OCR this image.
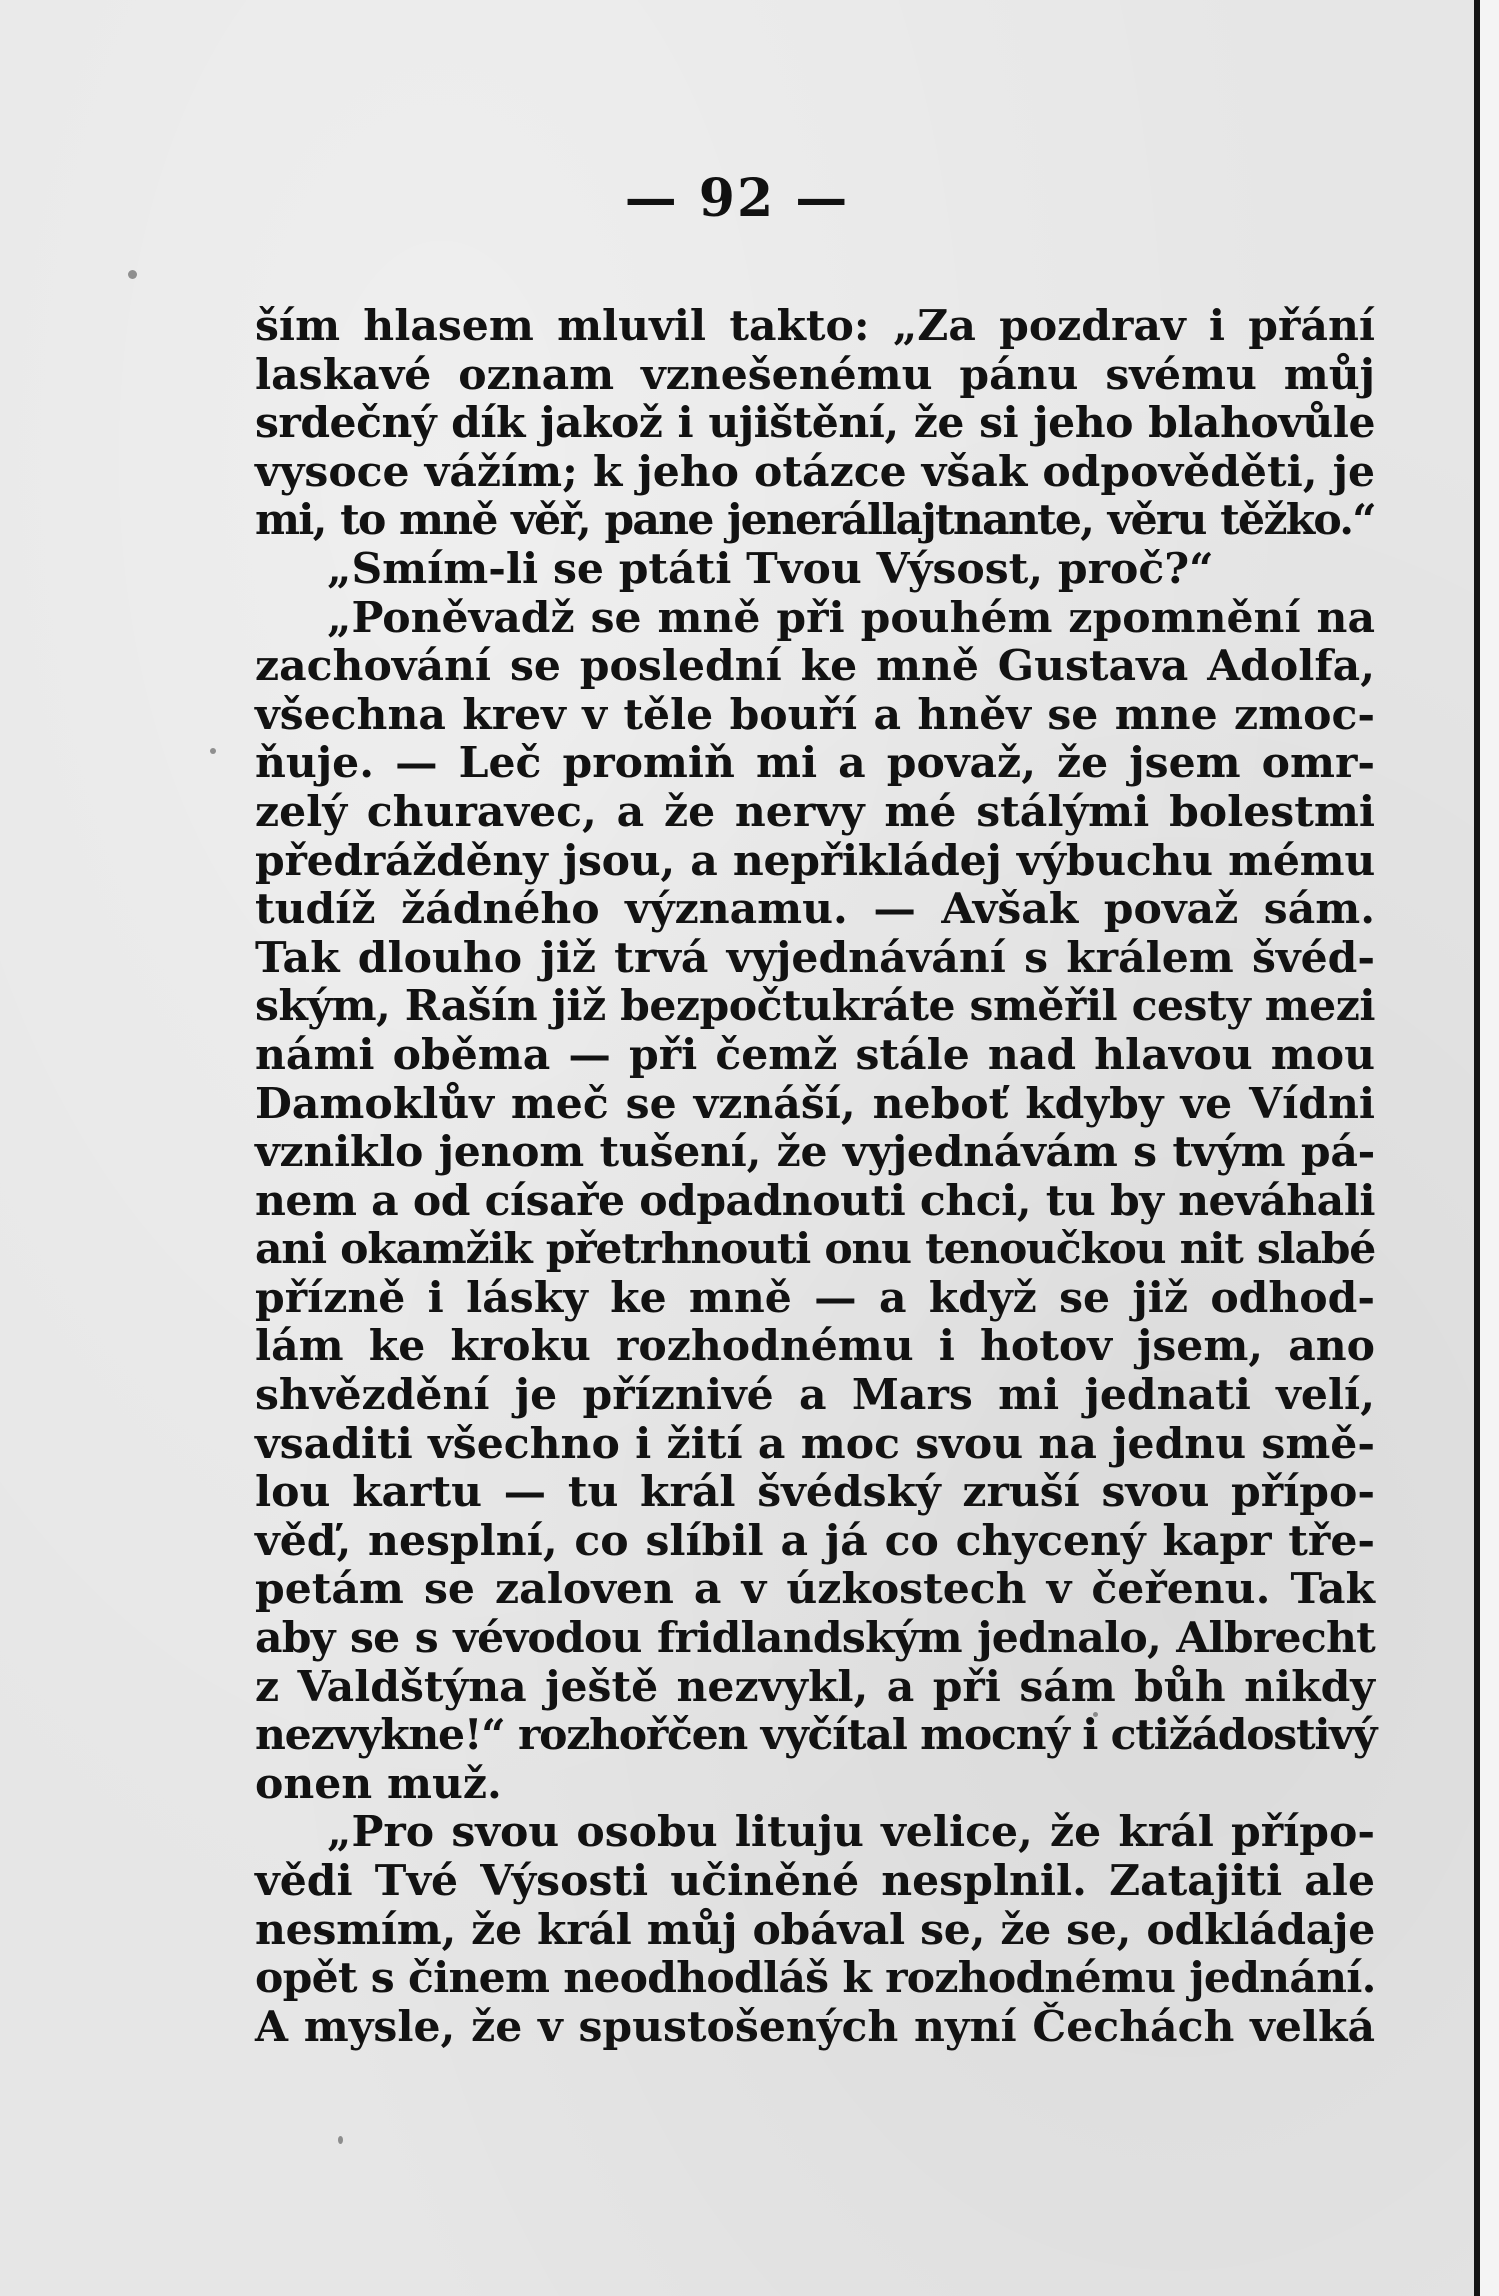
— 92 —
ším hlasem mluvil takto: „Za pozdrav i přání
laskavé oznam vznešenému pánu svému můj
srdečný dík jakož i ujištění, že si jeho blahovůle
vysoce vážím; k jeho otázce však odpověděti, je
mi, to mně věř, pane jenerállajtnante, věru těžko.“
„Smím-li se ptáti Tvou Výsost, proč?“
„Poněvadž se mně při pouhém zpomnění na
zachování se poslední ke mně Gustava Adolfa,
všechna krev v těle bouří a hněv se mne zmoc-
ňuje. — Leč promiň mi a považ, že jsem omr-
zelý churavec, a že nervy mé stálými bolestmi
předrážděny jsou, a nepřikládej výbuchu mému
tudíž žádného významu. — Avšak považ sám.
Tak dlouho již trvá vyjednávání s králem švéd-
ským, Rašín již bezpočtukráte směřil cesty mezi
námi oběma — při čemž stále nad hlavou mou
Damoklův meč se vznáší, neboť kdyby ve Vídni
vzniklo jenom tušení, že vyjednávám s tvým pá-
nem a od císaře odpadnouti chci, tu by neváhali
ani okamžik přetrhnouti onu tenoučkou nit slabé
přízně i lásky ke mně — a když se již odhod-
lám ke kroku rozhodnému i hotov jsem, ano
shvězdění je příznivé a Mars mi jednati velí,
vsaditi všechno i žití a moc svou na jednu smě-
lou kartu — tu král švédský zruší svou přípo-
věď, nesplní, co slíbil a já co chycený kapr tře-
petám se zaloven a v úzkostech v čeřenu. Tak
aby se s vévodou fridlandským jednalo, Albrecht
z Valdštýna ještě nezvykl, a při sám bůh nikdy
nezvykne!“ rozhořčen vyčítal mocný i ctižádostivý
onen muž.
„Pro svou osobu lituju velice, že král přípo-
vědi Tvé Výsosti učiněné nesplnil. Zatajiti ale
nesmím, že král můj obával se, že se, odkládaje
opět s činem neodhodláš k rozhodnému jednání.
A mysle, že v spustošených nyní Čechách velká
